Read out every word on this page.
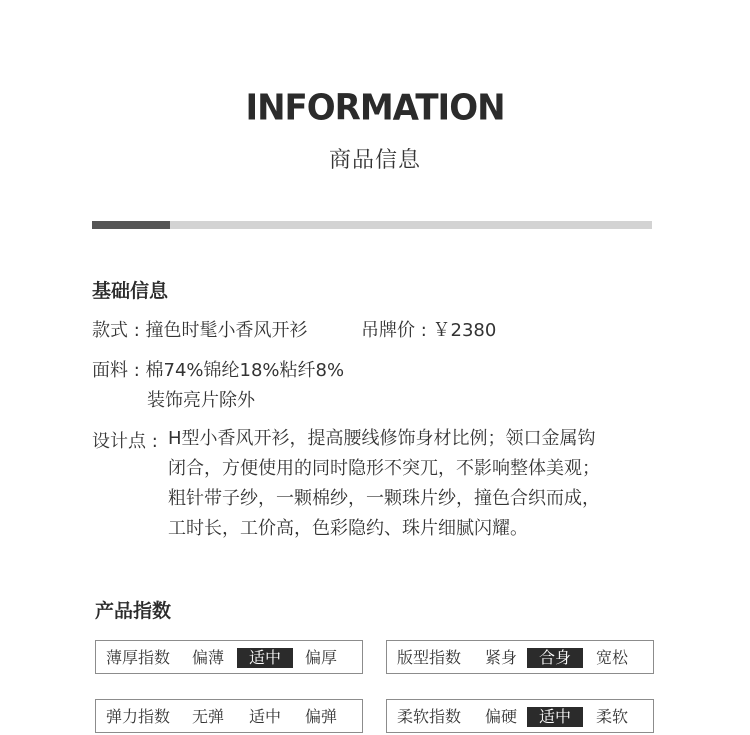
INFORMATION
商品信息
基础信息
款式 : 撞色时髦小香风开衫	吊牌价 : ￥2380
面料 : 棉74%锦纶18%粘纤8%
装饰亮片除外
设计点 : H型小香风开衫，提高腰线修饰身材比例；领口金属钩
闭合，方便使用的同时隐形不突兀，不影响整体美观；
粗针带子纱，一颗棉纱，一颗珠片纱，撞色合织而成，
工时长，工价高，色彩隐约、珠片细腻闪耀。
产品指数
薄厚指数	偏薄	适中	偏厚	版型指数	紧身	合身	宽松
弹力指数	无弹	适中	偏弹	柔软指数	偏硬	适中	柔软
